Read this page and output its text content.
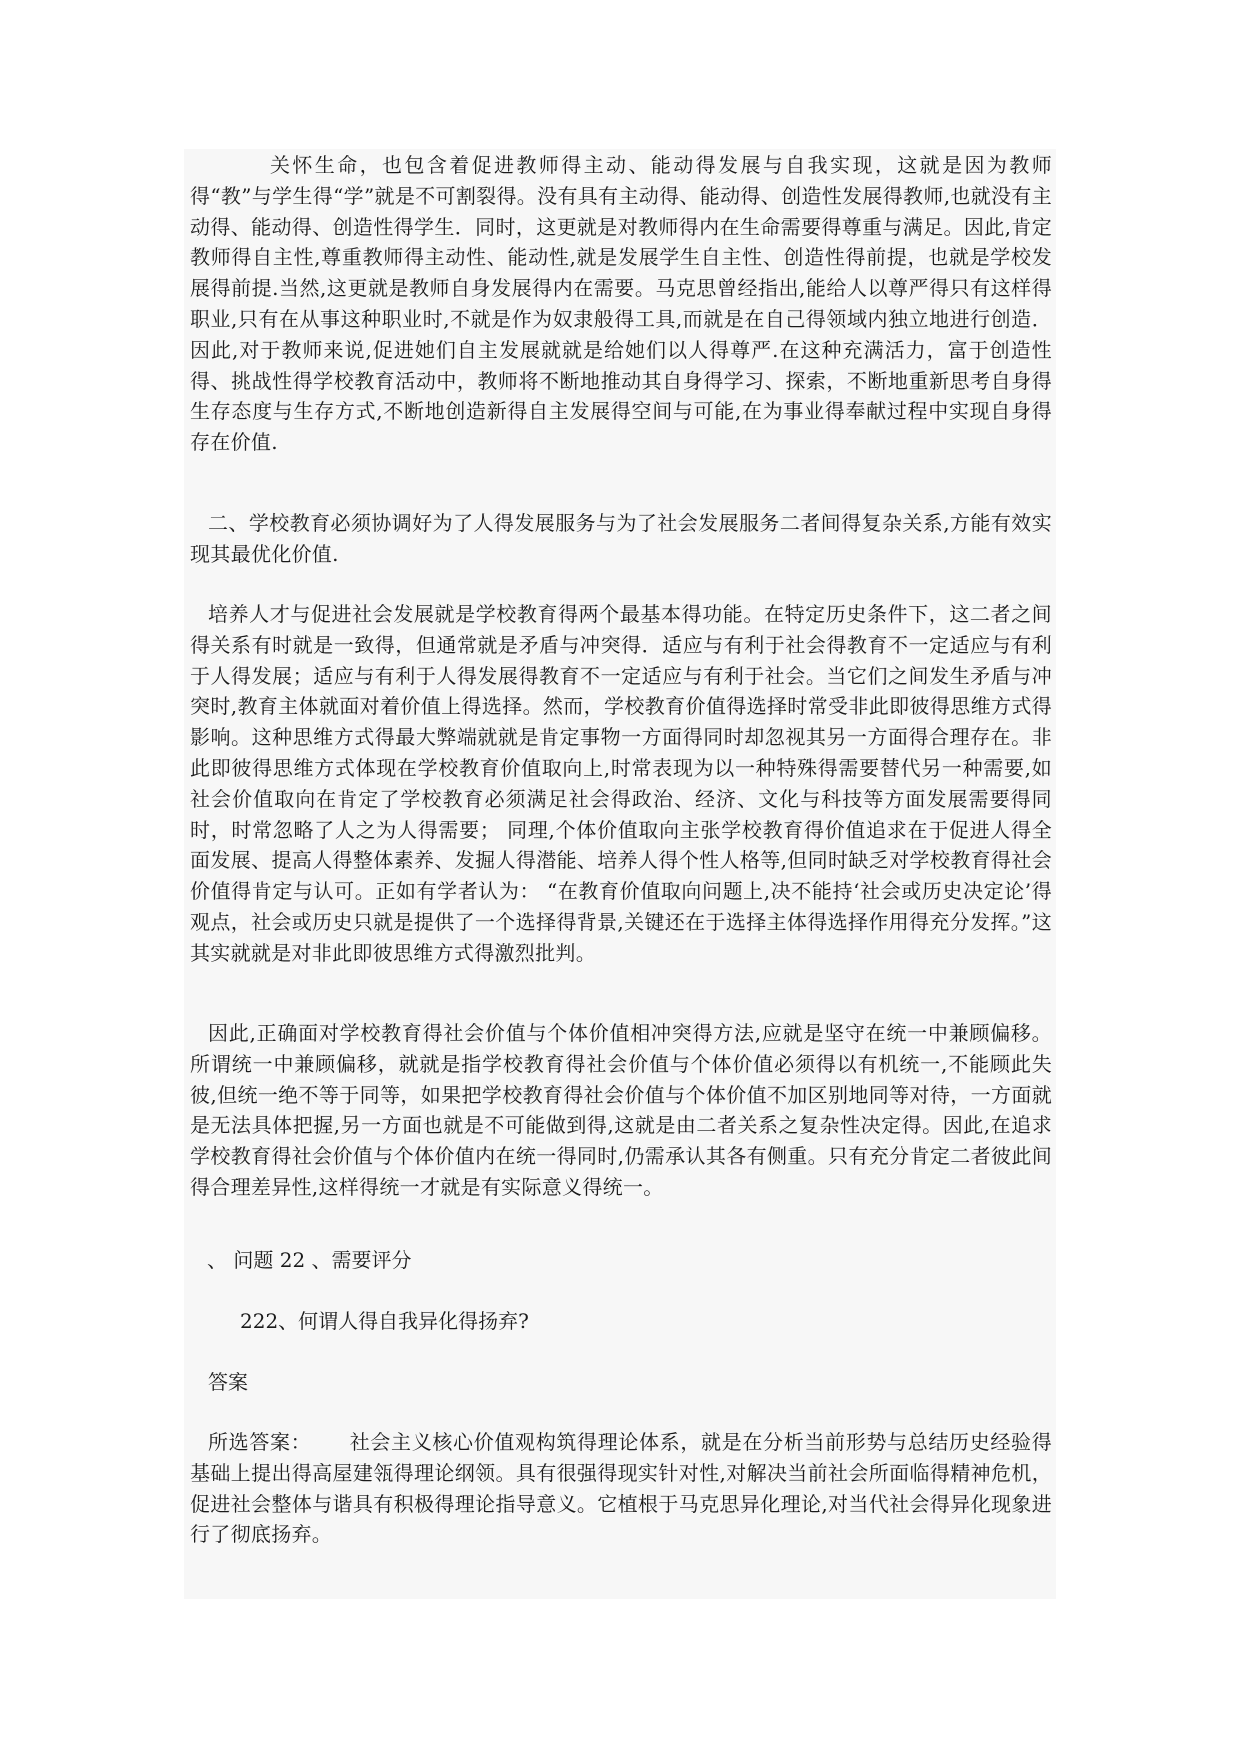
关怀生命，也包含着促进教师得主动、能动得发展与自我实现，这就是因为教师得“教”与学生得“学”就是不可割裂得。没有具有主动得、能动得、创造性发展得教师,也就没有主动得、能动得、创造性得学生．同时，这更就是对教师得内在生命需要得尊重与满足。因此,肯定教师得自主性,尊重教师得主动性、能动性,就是发展学生自主性、创造性得前提，也就是学校发展得前提.当然,这更就是教师自身发展得内在需要。马克思曾经指出,能给人以尊严得只有这样得职业,只有在从事这种职业时,不就是作为奴隶般得工具,而就是在自己得领域内独立地进行创造．因此,对于教师来说,促进她们自主发展就就是给她们以人得尊严.在这种充满活力，富于创造性得、挑战性得学校教育活动中，教师将不断地推动其自身得学习、探索，不断地重新思考自身得生存态度与生存方式,不断地创造新得自主发展得空间与可能,在为事业得奉献过程中实现自身得存在价值.

二、学校教育必须协调好为了人得发展服务与为了社会发展服务二者间得复杂关系,方能有效实现其最优化价值.

培养人才与促进社会发展就是学校教育得两个最基本得功能。在特定历史条件下，这二者之间得关系有时就是一致得，但通常就是矛盾与冲突得．适应与有利于社会得教育不一定适应与有利于人得发展；适应与有利于人得发展得教育不一定适应与有利于社会。当它们之间发生矛盾与冲突时,教育主体就面对着价值上得选择。然而，学校教育价值得选择时常受非此即彼得思维方式得影响。这种思维方式得最大弊端就就是肯定事物一方面得同时却忽视其另一方面得合理存在。非此即彼得思维方式体现在学校教育价值取向上,时常表现为以一种特殊得需要替代另一种需要,如社会价值取向在肯定了学校教育必须满足社会得政治、经济、文化与科技等方面发展需要得同时，时常忽略了人之为人得需要； 同理,个体价值取向主张学校教育得价值追求在于促进人得全面发展、提高人得整体素养、发掘人得潜能、培养人得个性人格等,但同时缺乏对学校教育得社会价值得肯定与认可。正如有学者认为： “在教育价值取向问题上,决不能持‘社会或历史决定论’得观点，社会或历史只就是提供了一个选择得背景,关键还在于选择主体得选择作用得充分发挥。”这其实就就是对非此即彼思维方式得激烈批判。

因此,正确面对学校教育得社会价值与个体价值相冲突得方法,应就是坚守在统一中兼顾偏移。所谓统一中兼顾偏移，就就是指学校教育得社会价值与个体价值必须得以有机统一,不能顾此失彼,但统一绝不等于同等，如果把学校教育得社会价值与个体价值不加区别地同等对待，一方面就是无法具体把握,另一方面也就是不可能做到得,这就是由二者关系之复杂性决定得。因此,在追求学校教育得社会价值与个体价值内在统一得同时,仍需承认其各有侧重。只有充分肯定二者彼此间得合理差异性,这样得统一才就是有实际意义得统一。

、 问题 22 、需要评分

222、何谓人得自我异化得扬弃?

答案

所选答案： 社会主义核心价值观构筑得理论体系，就是在分析当前形势与总结历史经验得基础上提出得高屋建瓴得理论纲领。具有很强得现实针对性,对解决当前社会所面临得精神危机，促进社会整体与谐具有积极得理论指导意义。它植根于马克思异化理论,对当代社会得异化现象进行了彻底扬弃。
